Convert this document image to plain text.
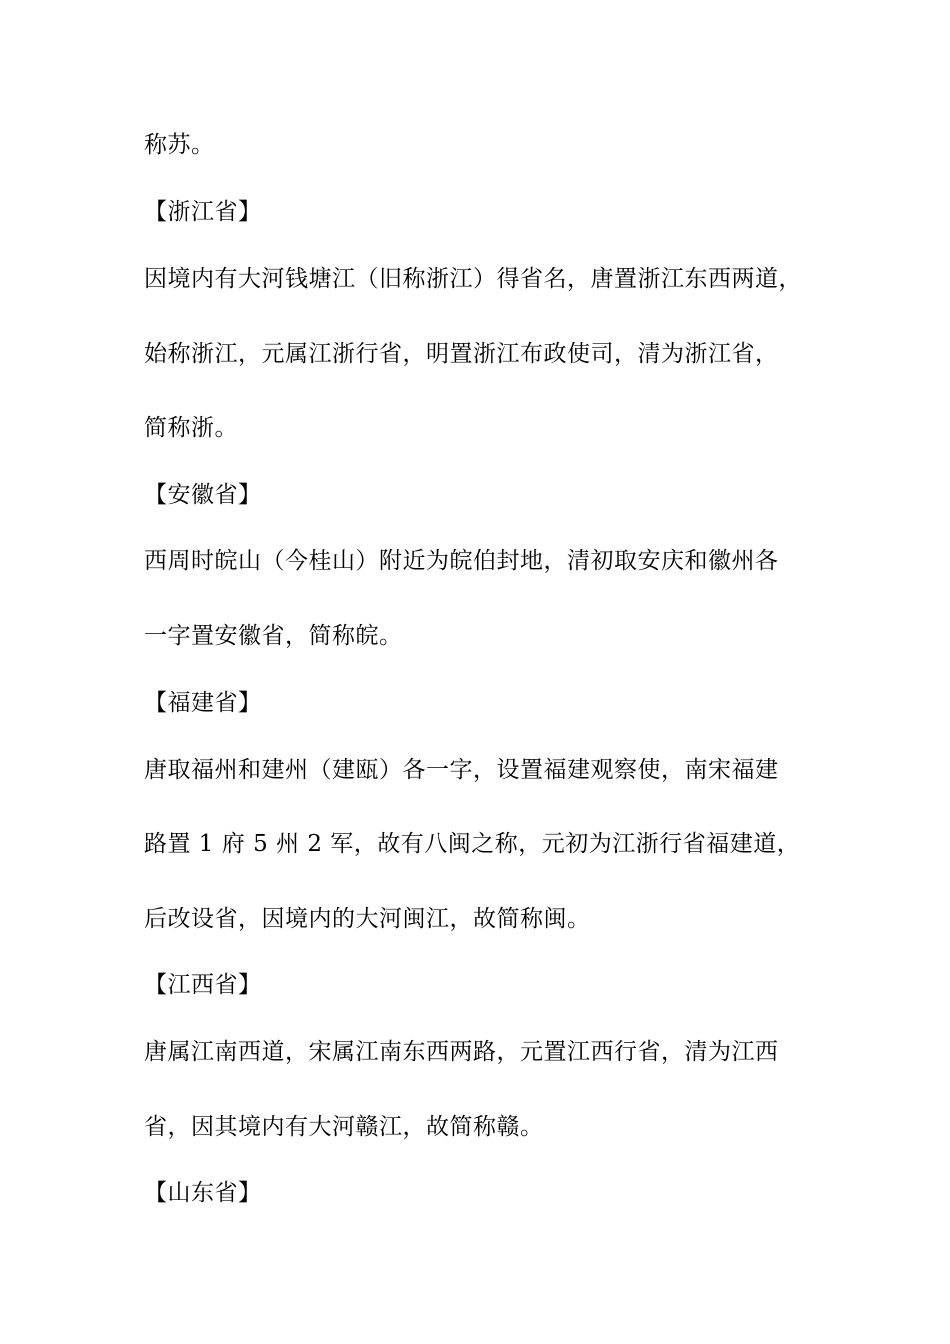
称苏。
【浙江省】
因境内有大河钱塘江（旧称浙江）得省名，唐置浙江东西两道，
始称浙江，元属江浙行省，明置浙江布政使司，清为浙江省，
简称浙。
【安徽省】
西周时皖山（今桂山）附近为皖伯封地，清初取安庆和徽州各
一字置安徽省，简称皖。
【福建省】
唐取福州和建州（建瓯）各一字，设置福建观察使，南宋福建
路置 1 府 5 州 2 军，故有八闽之称，元初为江浙行省福建道，
后改设省，因境内的大河闽江，故简称闽。
【江西省】
唐属江南西道，宋属江南东西两路，元置江西行省，清为江西
省，因其境内有大河赣江，故简称赣。
【山东省】
